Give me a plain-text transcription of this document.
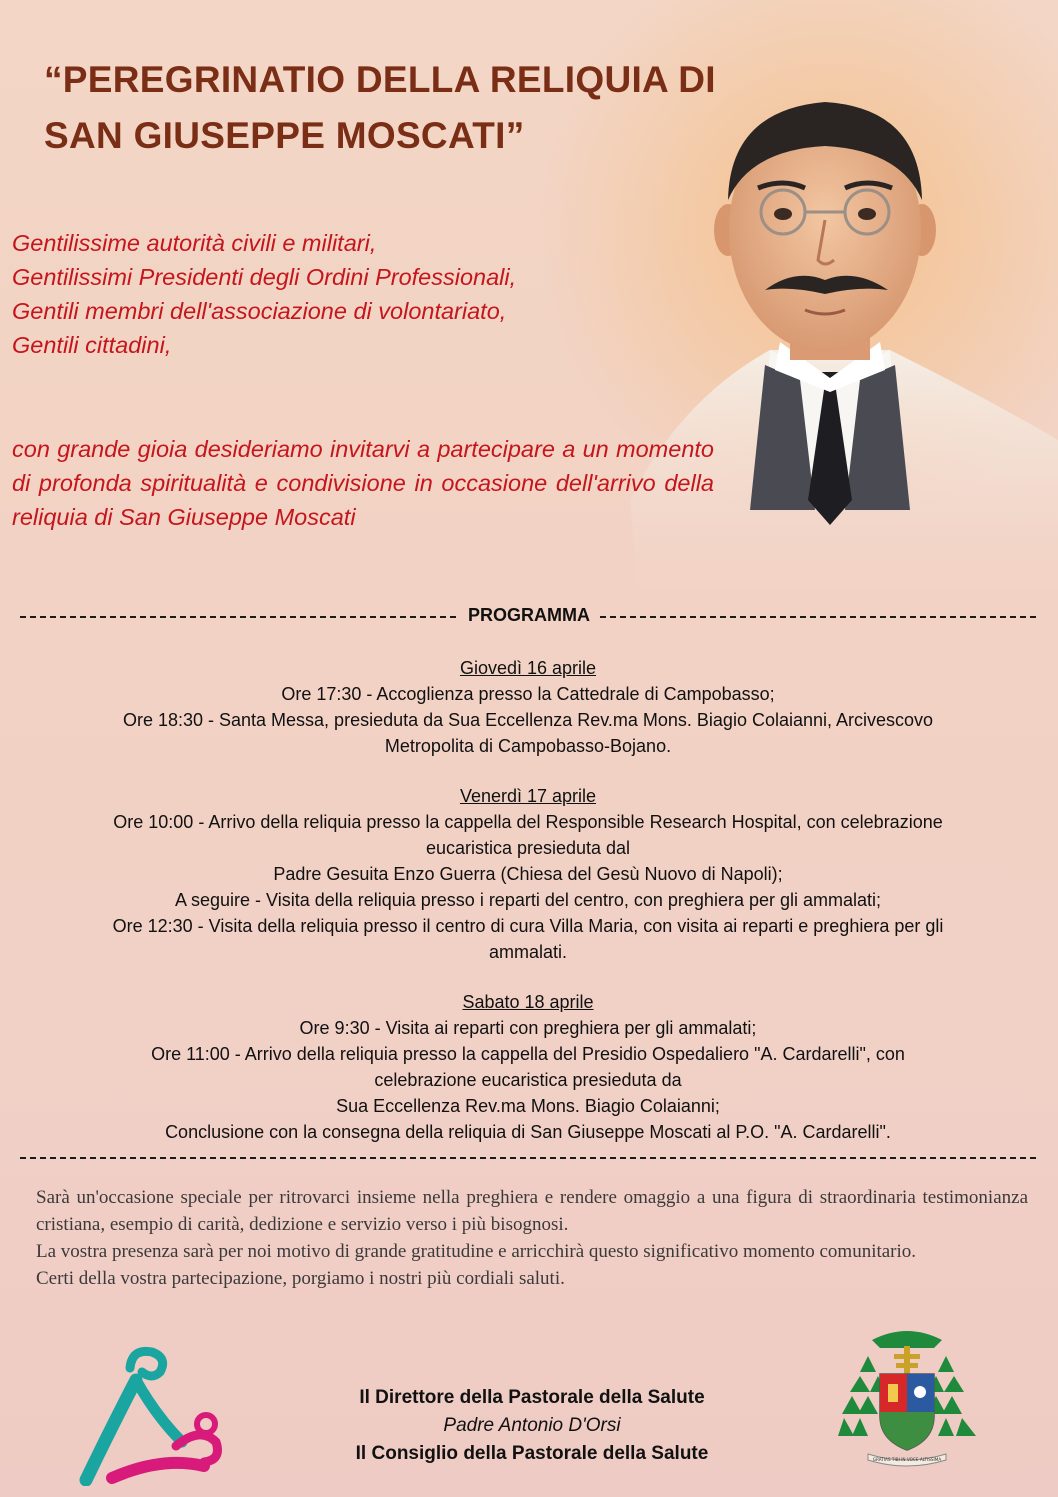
“PEREGRINATIO DELLA RELIQUIA DI
SAN GIUSEPPE MOSCATI”
Gentilissime autorità civili e militari,
Gentilissimi Presidenti degli Ordini Professionali,
Gentili membri dell'associazione di volontariato,
Gentili cittadini,
con grande gioia desideriamo invitarvi a partecipare a un momento di profonda spiritualità e condivisione in occasione dell'arrivo della reliquia di San Giuseppe Moscati
PROGRAMMA
Giovedì 16 aprile
Ore 17:30 - Accoglienza presso la Cattedrale di Campobasso;
Ore 18:30 - Santa Messa, presieduta da Sua Eccellenza Rev.ma Mons. Biagio Colaianni, Arcivescovo
Metropolita di Campobasso-Bojano.
Venerdì 17 aprile
Ore 10:00 - Arrivo della reliquia presso la cappella del Responsible Research Hospital, con celebrazione
eucaristica presieduta dal
Padre Gesuita Enzo Guerra (Chiesa del Gesù Nuovo di Napoli);
A seguire - Visita della reliquia presso i reparti del centro, con preghiera per gli ammalati;
Ore 12:30 - Visita della reliquia presso il centro di cura Villa Maria, con visita ai reparti e preghiera per gli
ammalati.
Sabato 18 aprile
Ore 9:30 - Visita ai reparti con preghiera per gli ammalati;
Ore 11:00 - Arrivo della reliquia presso la cappella del Presidio Ospedaliero "A. Cardarelli", con
celebrazione eucaristica presieduta da
Sua Eccellenza Rev.ma Mons. Biagio Colaianni;
Conclusione con la consegna della reliquia di San Giuseppe Moscati al P.O. "A. Cardarelli".

Sarà un'occasione speciale per ritrovarci insieme nella preghiera e rendere omaggio a una figura di straordinaria testimonianza cristiana, esempio di carità, dedizione e servizio verso i più bisognosi.

La vostra presenza sarà per noi motivo di grande gratitudine e arricchirà questo significativo momento comunitario.

Certi della vostra partecipazione, porgiamo i nostri più cordiali saluti.

Il Direttore della Pastorale della Salute
Padre Antonio D'Orsi
Il Consiglio della Pastorale della Salute	GRATIAS TIBI IN VOCE ALTISSIMA
